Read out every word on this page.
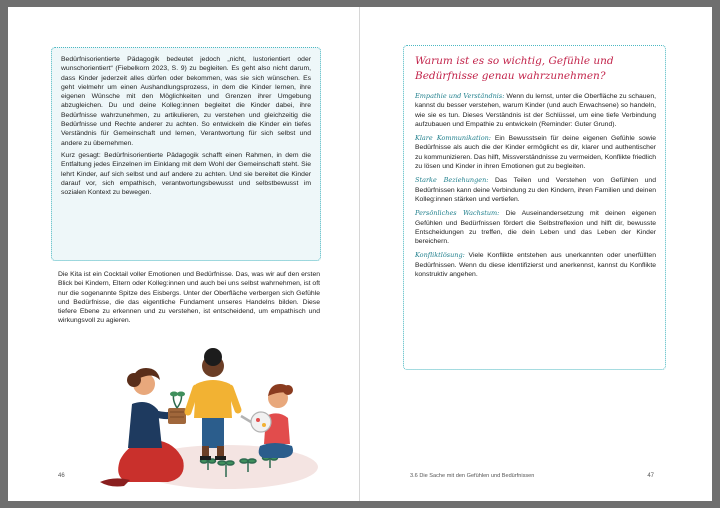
Bedürfnisorientierte Pädagogik bedeutet jedoch „nicht, lustorientiert oder wunschorientiert“ (Fiebelkorn 2023, S. 9) zu begleiten. Es geht also nicht darum, dass Kinder jederzeit alles dürfen oder bekommen, was sie sich wünschen. Es geht vielmehr um einen Aushandlungsprozess, in dem die Kinder lernen, ihre eigenen Wünsche mit den Möglichkeiten und Grenzen ihrer Umgebung abzugleichen. Du und deine Kolleg:innen begleitet die Kinder dabei, ihre Bedürfnisse wahrzunehmen, zu artikulieren, zu verstehen und gleichzeitig die Bedürfnisse und Rechte anderer zu achten. So entwickeln die Kinder ein tiefes Verständnis für Gemeinschaft und lernen, Verantwortung für sich selbst und andere zu übernehmen.

Kurz gesagt: Bedürfnisorientierte Pädagogik schafft einen Rahmen, in dem die Entfaltung jedes Einzelnen im Einklang mit dem Wohl der Gemeinschaft steht. Sie lehrt Kinder, auf sich selbst und auf andere zu achten. Und sie bereitet die Kinder darauf vor, sich empathisch, verantwortungsbewusst und selbstbewusst im sozialen Kontext zu bewegen.

Die Kita ist ein Cocktail voller Emotionen und Bedürfnisse. Das, was wir auf den ersten Blick bei Kindern, Eltern oder Kolleg:innen und auch bei uns selbst wahrnehmen, ist oft nur die sogenannte Spitze des Eisbergs. Unter der Oberfläche verbergen sich Gefühle und Bedürfnisse, die das eigentliche Fundament unseres Handelns bilden. Diese tiefere Ebene zu erkennen und zu verstehen, ist entscheidend, um empathisch und wirkungsvoll zu agieren.

46
Warum ist es so wichtig, Gefühle und Bedürfnisse genau wahrzunehmen?

Empathie und Verständnis: Wenn du lernst, unter die Oberfläche zu schauen, kannst du besser verstehen, warum Kinder (und auch Erwachsene) so handeln, wie sie es tun. Dieses Verständnis ist der Schlüssel, um eine tiefe Verbindung aufzubauen und Empathie zu entwickeln (Reminder: Guter Grund).

Klare Kommunikation: Ein Bewusstsein für deine eigenen Gefühle sowie Bedürfnisse als auch die der Kinder ermöglicht es dir, klarer und authentischer zu kommunizieren. Das hilft, Missverständnisse zu vermeiden, Konflikte friedlich zu lösen und Kinder in ihren Emotionen gut zu begleiten.

Starke Beziehungen: Das Teilen und Verstehen von Gefühlen und Bedürfnissen kann deine Verbindung zu den Kindern, ihren Familien und deinen Kolleg:innen stärken und vertiefen.

Persönliches Wachstum: Die Auseinandersetzung mit deinen eigenen Gefühlen und Bedürfnissen fördert die Selbstreflexion und hilft dir, bewusste Entscheidungen zu treffen, die dein Leben und das Leben der Kinder bereichern.

Konfliktlösung: Viele Konflikte entstehen aus unerkannten oder unerfüllten Bedürfnissen. Wenn du diese identifizierst und anerkennst, kannst du Konflikte konstruktiv angehen.

3.6 Die Sache mit den Gefühlen und Bedürfnissen	47
